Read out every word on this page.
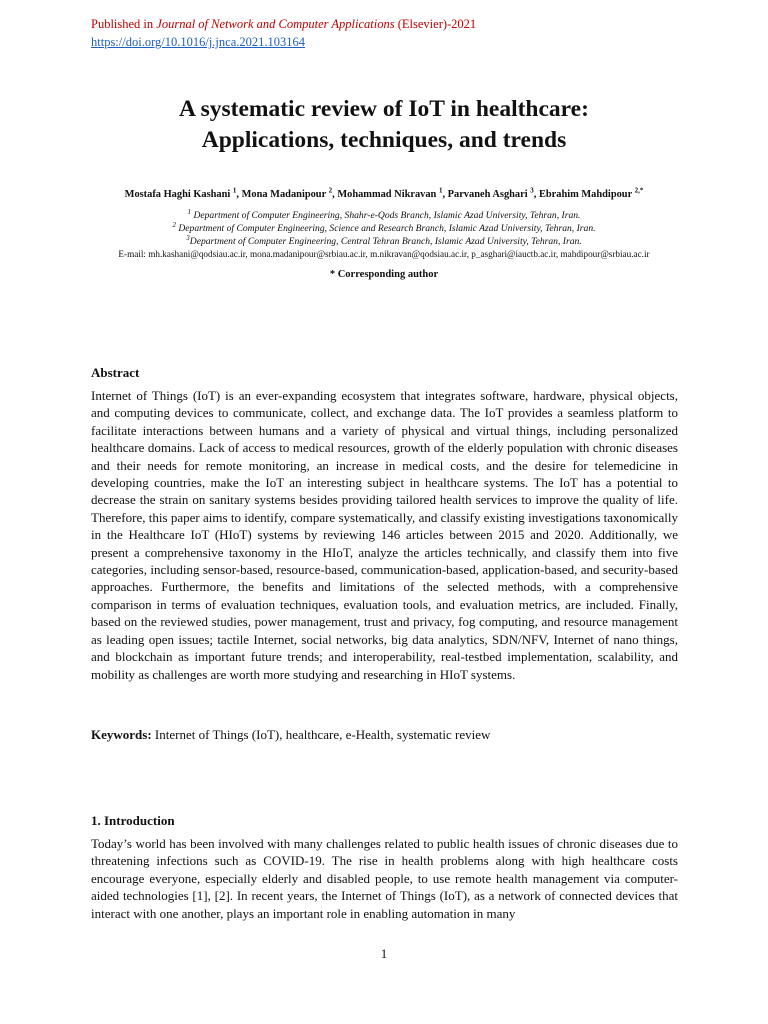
Published in Journal of Network and Computer Applications (Elsevier)-2021
https://doi.org/10.1016/j.jnca.2021.103164
A systematic review of IoT in healthcare:
Applications, techniques, and trends
Mostafa Haghi Kashani $^1$, Mona Madanipour $^2$, Mohammad Nikravan $^1$, Parvaneh Asghari $^3$, Ebrahim Mahdipour $^{2,*}$
$^1$ Department of Computer Engineering, Shahr-e-Qods Branch, Islamic Azad University, Tehran, Iran.
$^2$ Department of Computer Engineering, Science and Research Branch, Islamic Azad University, Tehran, Iran.
$^3$Department of Computer Engineering, Central Tehran Branch, Islamic Azad University, Tehran, Iran.
E-mail: mh.kashani@qodsiau.ac.ir, mona.madanipour@srbiau.ac.ir, m.nikravan@qodsiau.ac.ir, p_asghari@iauctb.ac.ir, mahdipour@srbiau.ac.ir
* Corresponding author
Abstract

Internet of Things (IoT) is an ever-expanding ecosystem that integrates software, hardware, physical objects, and computing devices to communicate, collect, and exchange data. The IoT provides a seamless platform to facilitate interactions between humans and a variety of physical and virtual things, including personalized healthcare domains. Lack of access to medical resources, growth of the elderly population with chronic diseases and their needs for remote monitoring, an increase in medical costs, and the desire for telemedicine in developing countries, make the IoT an interesting subject in healthcare systems. The IoT has a potential to decrease the strain on sanitary systems besides providing tailored health services to improve the quality of life. Therefore, this paper aims to identify, compare systematically, and classify existing investigations taxonomically in the Healthcare IoT (HIoT) systems by reviewing 146 articles between 2015 and 2020. Additionally, we present a comprehensive taxonomy in the HIoT, analyze the articles technically, and classify them into five categories, including sensor-based, resource-based, communication-based, application-based, and security-based approaches. Furthermore, the benefits and limitations of the selected methods, with a comprehensive comparison in terms of evaluation techniques, evaluation tools, and evaluation metrics, are included. Finally, based on the reviewed studies, power management, trust and privacy, fog computing, and resource management as leading open issues; tactile Internet, social networks, big data analytics, SDN/NFV, Internet of nano things, and blockchain as important future trends; and interoperability, real-testbed implementation, scalability, and mobility as challenges are worth more studying and researching in HIoT systems.

Keywords: Internet of Things (IoT), healthcare, e-Health, systematic review
1. Introduction

Today’s world has been involved with many challenges related to public health issues of chronic diseases due to threatening infections such as COVID-19. The rise in health problems along with high healthcare costs encourage everyone, especially elderly and disabled people, to use remote health management via computer-aided technologies [1], [2]. In recent years, the Internet of Things (IoT), as a network of connected devices that interact with one another, plays an important role in enabling automation in many

1
